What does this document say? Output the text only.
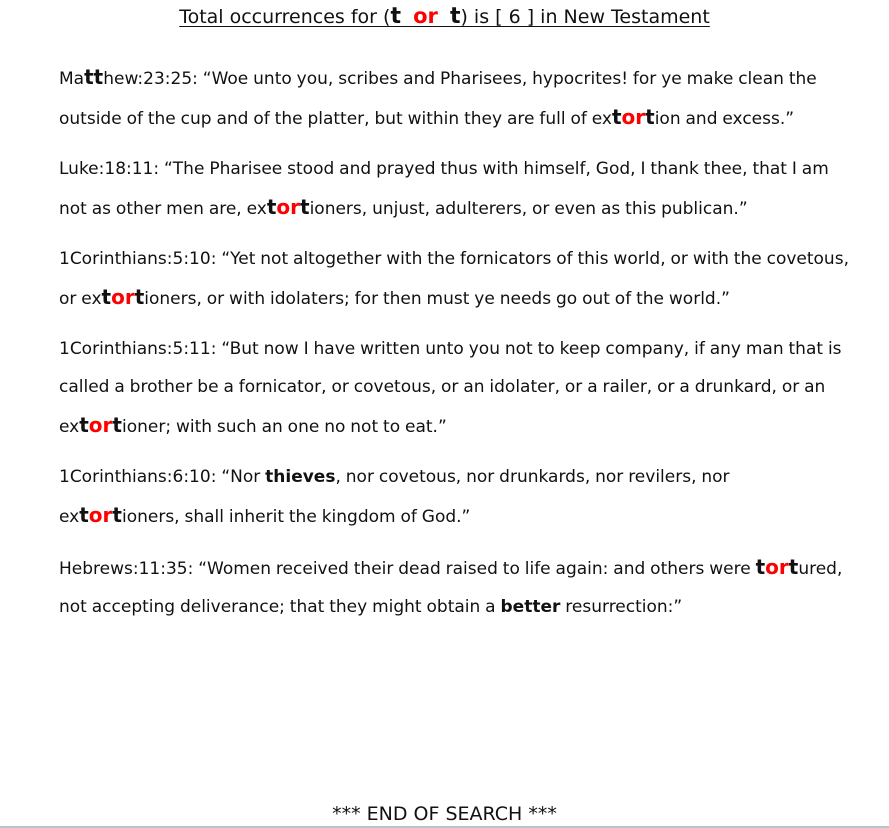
Total occurrences for (t or t) is [ 6 ] in New Testament

Matthew:23:25: “Woe unto you, scribes and Pharisees, hypocrites! for ye make clean the outside of the cup and of the platter, but within they are full of extortion and excess.”

Luke:18:11: “The Pharisee stood and prayed thus with himself, God, I thank thee, that I am not as other men are, extortioners, unjust, adulterers, or even as this publican.”

1Corinthians:5:10: “Yet not altogether with the fornicators of this world, or with the covetous, or extortioners, or with idolaters; for then must ye needs go out of the world.”

1Corinthians:5:11: “But now I have written unto you not to keep company, if any man that is called a brother be a fornicator, or covetous, or an idolater, or a railer, or a drunkard, or an extortioner; with such an one no not to eat.”

1Corinthians:6:10: “Nor thieves, nor covetous, nor drunkards, nor revilers, nor extortioners, shall inherit the kingdom of God.”

Hebrews:11:35: “Women received their dead raised to life again: and others were tortured, not accepting deliverance; that they might obtain a better resurrection:”

*** END OF SEARCH ***
